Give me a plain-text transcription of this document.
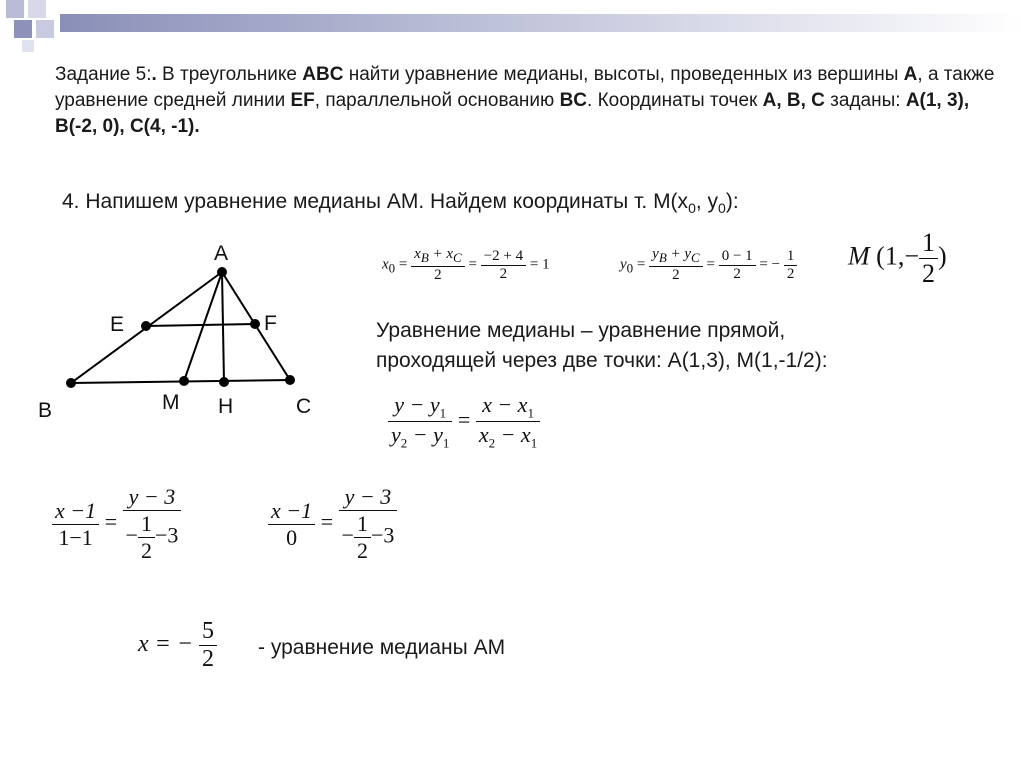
Задание 5:. В треугольнике ABC найти уравнение медианы, высоты, проведенных из вершины A, а также уравнение средней линии EF, параллельной основанию BC. Координаты точек A, B, C заданы: A(1, 3), B(-2, 0), C(4, -1).
4. Напишем уравнение медианы AM. Найдем координаты т. $M(x_0$, $y_0$):
A
E	F
B	M H	C
$x_0 = \frac{x_B + x_C}{2} = \frac{-2 + 4}{2} = 1$	$y_0 = \frac{y_B + y_C}{2} = \frac{0 - 1}{2}$ = − $\frac{1}{2}$ M ($1,- \frac{1}{2}$ )
Уравнение медианы – уравнение прямой,
проходящей через две точки: A(1,3), M(1,-1/2):
$\frac{y - y_1}{y_2 - y_1} = \frac{x - x_1}{x_2 - x_1}$
$\frac{x -1}{1-1} = \frac{y - 3}{- \frac{1}{2} -3}$	$\frac{x -1}{0} = \frac{y - 3}{- \frac{1}{2} -3}$
x = − $\frac{5}{2}$ - уравнение медианы AM
